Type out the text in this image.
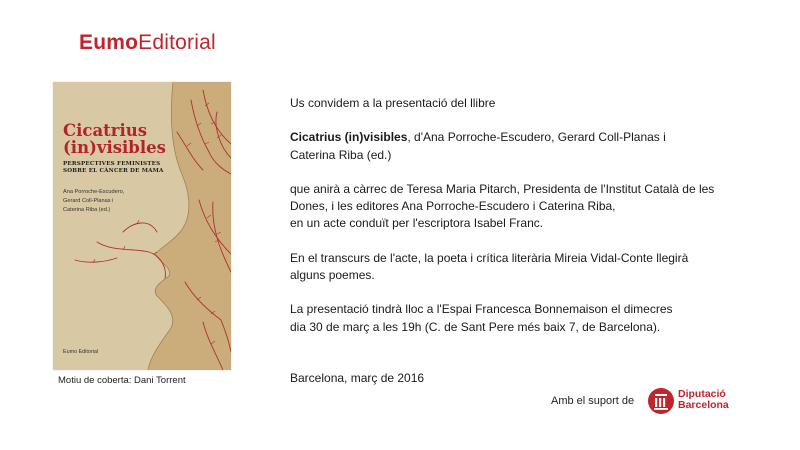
EumoEditorial
Cicatrius
(in)visibles
PERSPECTIVES FEMINISTES
SOBRE EL CÀNCER DE MAMA
Ana Porroche-Escudero,
Gerard Coll-Planas i
Caterina Riba (ed.)
Eumo Editorial
Motiu de coberta: Dani Torrent

Us convidem a la presentació del llibre

Cicatrius (in)visibles, d'Ana Porroche-Escudero, Gerard Coll-Planas i
Caterina Riba (ed.)

que anirà a càrrec de Teresa Maria Pitarch, Presidenta de l'Institut Català de les
Dones, i les editores Ana Porroche-Escudero i Caterina Riba,
en un acte conduït per l'escriptora Isabel Franc.

En el transcurs de l'acte, la poeta i crítica literària Mireia Vidal-Conte llegirà
alguns poemes.

La presentació tindrà lloc a l'Espai Francesca Bonnemaison el dimecres
dia 30 de març a les 19h (C. de Sant Pere més baix 7, de Barcelona).

Barcelona, març de 2016

Amb el suport de
Diputació
Barcelona
